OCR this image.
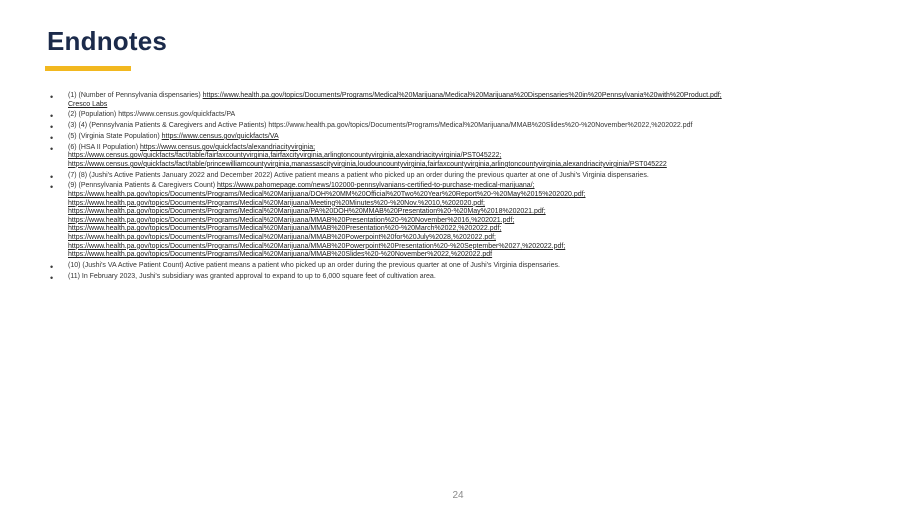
Endnotes
• (1) (Number of Pennsylvania dispensaries) https://www.health.pa.gov/topics/Documents/Programs/Medical%20Marijuana/Medical%20Marijuana%20Dispensaries%20in%20Pennsylvania%20with%20Product.pdf;
Cresco Labs
• (2) (Population) https://www.census.gov/quickfacts/PA
• (3) (4) (Pennsylvania Patients & Caregivers and Active Patients) https://www.health.pa.gov/topics/Documents/Programs/Medical%20Marijuana/MMAB%20Slides%20-%20November%2022,%202022.pdf
• (5) (Virginia State Population) https://www.census.gov/quickfacts/VA
• (6) (HSA II Population) https://www.census.gov/quickfacts/alexandriacityvirginia;
https://www.census.gov/quickfacts/fact/table/fairfaxcountyvirginia,fairfaxcityvirginia,arlingtoncountyvirginia,alexandriacityvirginia/PST045222;
https://www.census.gov/quickfacts/fact/table/princewilliamcountyvirginia,manassascityvirginia,loudouncountyvirginia,fairfaxcountyvirginia,arlingtoncountyvirginia,alexandriacityvirginia/PST045222
• (7) (8) (Jushi's Active Patients January 2022 and December 2022) Active patient means a patient who picked up an order during the previous quarter at one of Jushi's Virginia dispensaries.
• (9) (Pennsylvania Patients & Caregivers Count) https://www.pahomepage.com/news/102000-pennsylvanians-certified-to-purchase-medical-marijuana/;
https://www.health.pa.gov/topics/Documents/Programs/Medical%20Marijuana/DOH%20MM%20Official%20Two%20Year%20Report%20-%20May%2015%202020.pdf;
https://www.health.pa.gov/topics/Documents/Programs/Medical%20Marijuana/Meeting%20Minutes%20-%20Nov.%2010,%202020.pdf;
https://www.health.pa.gov/topics/Documents/Programs/Medical%20Marijuana/PA%20DOH%20MMAB%20Presentation%20-%20May%2018%202021.pdf;
https://www.health.pa.gov/topics/Documents/Programs/Medical%20Marijuana/MMAB%20Presentation%20-%20November%2016,%202021.pdf;
https://www.health.pa.gov/topics/Documents/Programs/Medical%20Marijuana/MMAB%20Presentation%20-%20March%2022,%202022.pdf;
https://www.health.pa.gov/topics/Documents/Programs/Medical%20Marijuana/MMAB%20Powerpoint%20for%20July%2028,%202022.pdf;
https://www.health.pa.gov/topics/Documents/Programs/Medical%20Marijuana/MMAB%20Powerpoint%20Presentation%20-%20September%2027,%202022.pdf;
https://www.health.pa.gov/topics/Documents/Programs/Medical%20Marijuana/MMAB%20Slides%20-%20November%2022,%202022.pdf
• (10) (Jushi's VA Active Patient Count) Active patient means a patient who picked up an order during the previous quarter at one of Jushi's Virginia dispensaries.
• (11) In February 2023, Jushi's subsidiary was granted approval to expand to up to 6,000 square feet of cultivation area.
24
